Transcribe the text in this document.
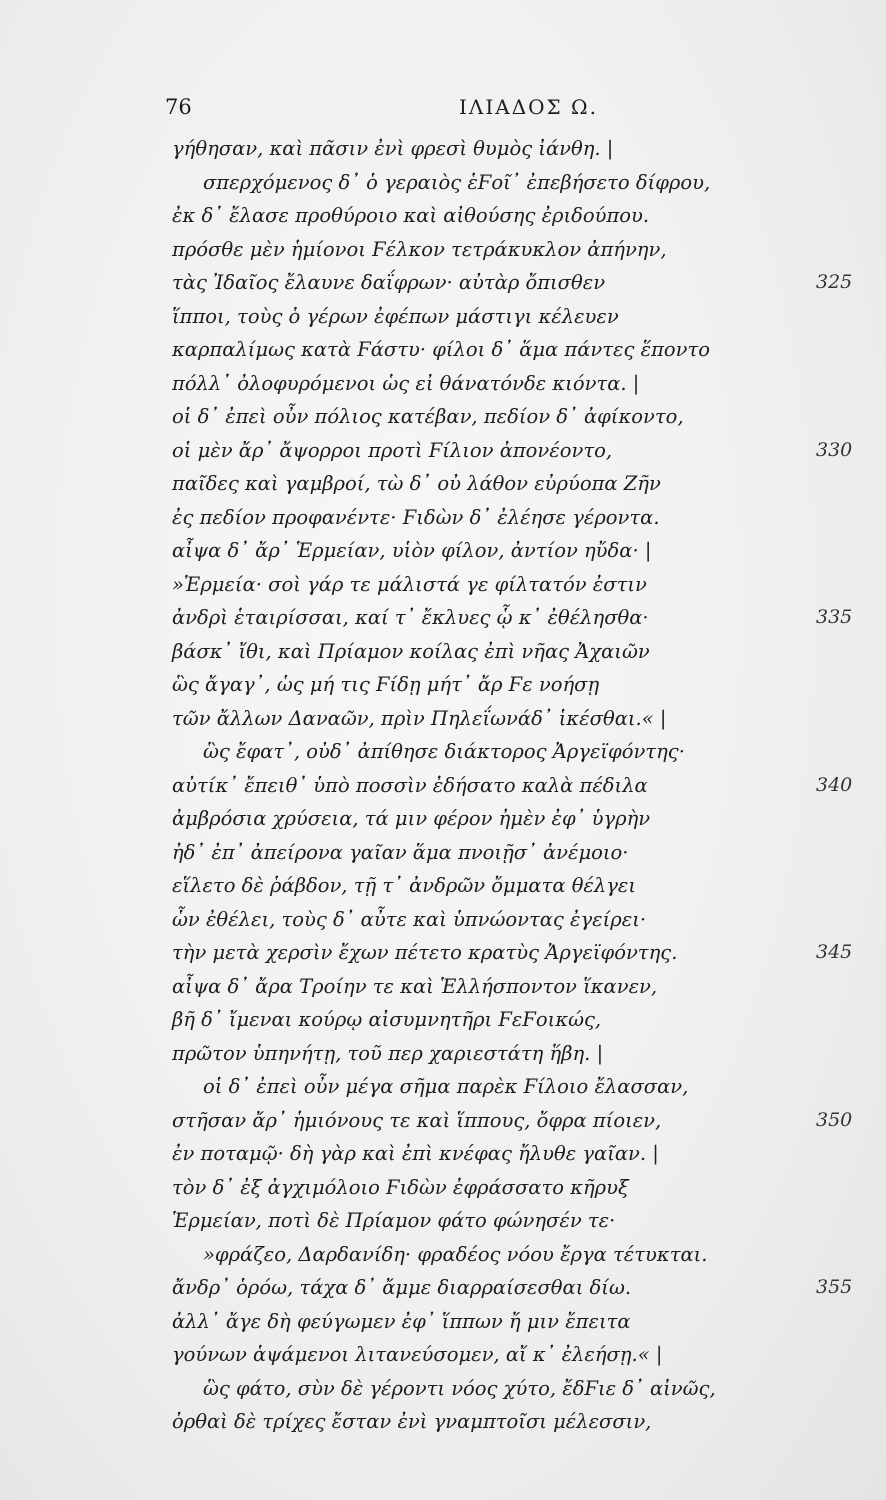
76	ΙΛΙΑΔΟΣ Ω.
γήθησαν, καὶ πᾶσιν ἐνὶ φρεσὶ θυμὸς ἰάνθη. |
σπερχόμενος δ᾽ ὁ γεραιὸς ἑϜοῖ᾽ ἐπεβήσετο δίφρου,
ἐκ δ᾽ ἔλασε προθύροιο καὶ αἰθούσης ἐριδούπου.
πρόσθε μὲν ἡμίονοι Ϝέλκον τετράκυκλον ἀπήνην,
τὰς Ἰδαῖος ἔλαυνε δαΐφρων· αὐτὰρ ὄπισθεν	325
ἵπποι, τοὺς ὁ γέρων ἐφέπων μάστιγι κέλευεν
καρπαλίμως κατὰ Ϝάστυ· φίλοι δ᾽ ἅμα πάντες ἕποντο
πόλλ᾽ ὀλοφυρόμενοι ὡς εἰ θάνατόνδε κιόντα. |
οἱ δ᾽ ἐπεὶ οὖν πόλιος κατέβαν, πεδίον δ᾽ ἀφίκοντο,
οἱ μὲν ἄρ᾽ ἄψορροι προτὶ Ϝίλιον ἀπονέοντο,	330
παῖδες καὶ γαμβροί, τὼ δ᾽ οὐ λάθον εὐρύοπα Ζῆν
ἐς πεδίον προφανέντε· Ϝιδὼν δ᾽ ἐλέησε γέροντα.
αἶψα δ᾽ ἄρ᾽ Ἑρμείαν, υἱὸν φίλον, ἀντίον ηὔδα· |
»Ἑρμεία· σοὶ γάρ τε μάλιστά γε φίλτατόν ἐστιν
ἀνδρὶ ἑταιρίσσαι, καί τ᾽ ἔκλυες ᾧ κ᾽ ἐθέλησθα·	335
βάσκ᾽ ἴθι, καὶ Πρίαμον κοίλας ἐπὶ νῆας Ἀχαιῶν
ὣς ἄγαγ᾽, ὡς μή τις Ϝίδῃ μήτ᾽ ἄρ Ϝε νοήσῃ
τῶν ἄλλων Δαναῶν, πρὶν Πηλεΐωνάδ᾽ ἱκέσθαι.« |
ὣς ἔφατ᾽, οὐδ᾽ ἀπίθησε διάκτορος Ἀργεϊφόντης·
αὐτίκ᾽ ἔπειθ᾽ ὑπὸ ποσσὶν ἐδήσατο καλὰ πέδιλα	340
ἀμβρόσια χρύσεια, τά μιν φέρον ἠμὲν ἐφ᾽ ὑγρὴν
ἠδ᾽ ἐπ᾽ ἀπείρονα γαῖαν ἅμα πνοιῇσ᾽ ἀνέμοιο·
εἵλετο δὲ ῥάβδον, τῇ τ᾽ ἀνδρῶν ὄμματα θέλγει
ὧν ἐθέλει, τοὺς δ᾽ αὖτε καὶ ὑπνώοντας ἐγείρει·
τὴν μετὰ χερσὶν ἔχων πέτετο κρατὺς Ἀργεϊφόντης.	345
αἶψα δ᾽ ἄρα Τροίην τε καὶ Ἑλλήσποντον ἵκανεν,
βῆ δ᾽ ἴμεναι κούρῳ αἰσυμνητῆρι ϜεϜοικώς,
πρῶτον ὑπηνήτῃ, τοῦ περ χαριεστάτη ἥβη. |
οἱ δ᾽ ἐπεὶ οὖν μέγα σῆμα παρὲκ Ϝίλοιο ἔλασσαν,
στῆσαν ἄρ᾽ ἡμιόνους τε καὶ ἵππους, ὄφρα πίοιεν,	350
ἐν ποταμῷ· δὴ γὰρ καὶ ἐπὶ κνέφας ἤλυθε γαῖαν. |
τὸν δ᾽ ἐξ ἀγχιμόλοιο Ϝιδὼν ἐφράσσατο κῆρυξ
Ἑρμείαν, ποτὶ δὲ Πρίαμον φάτο φώνησέν τε·
»φράζεο, Δαρδανίδη· φραδέος νόου ἔργα τέτυκται.
ἄνδρ᾽ ὁρόω, τάχα δ᾽ ἄμμε διαρραίσεσθαι δίω.	355
ἀλλ᾽ ἄγε δὴ φεύγωμεν ἐφ᾽ ἵππων ἤ μιν ἔπειτα
γούνων ἁψάμενοι λιτανεύσομεν, αἴ κ᾽ ἐλεήσῃ.« |
ὣς φάτο, σὺν δὲ γέροντι νόος χύτο, ἔδϜιε δ᾽ αἰνῶς,
ὀρθαὶ δὲ τρίχες ἔσταν ἐνὶ γναμπτοῖσι μέλεσσιν,
